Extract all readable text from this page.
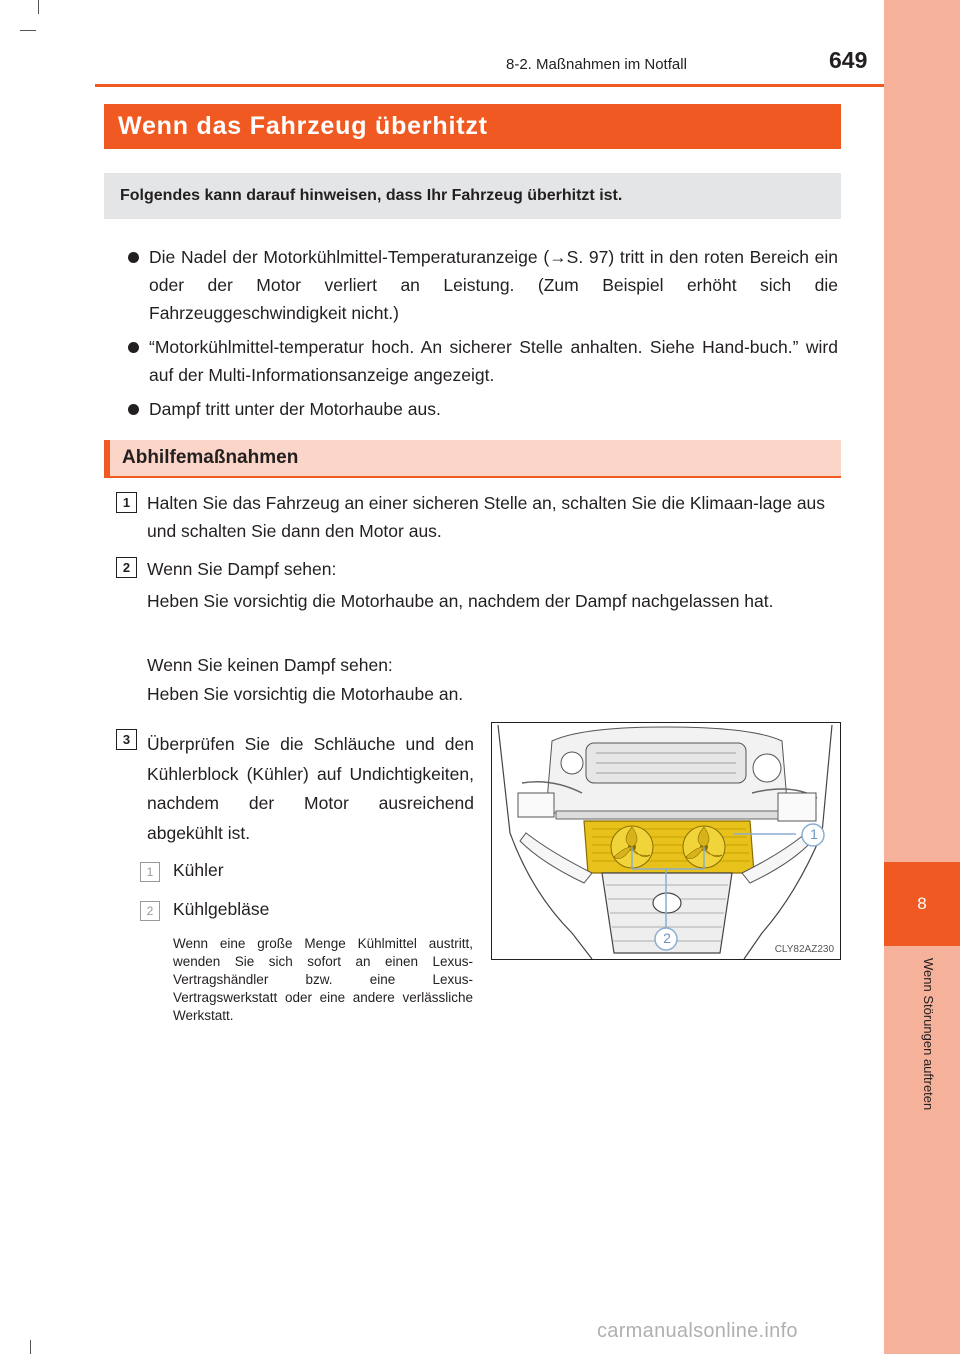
8
Wenn Störungen auftreten
8-2. Maßnahmen im Notfall	649
Wenn das Fahrzeug überhitzt
Folgendes kann darauf hinweisen, dass Ihr Fahrzeug überhitzt ist.
Die Nadel der Motorkühlmittel-Temperaturanzeige (→S. 97) tritt in den roten Bereich ein oder der Motor verliert an Leistung. (Zum Beispiel erhöht sich die Fahrzeuggeschwindigkeit nicht.)
“Motorkühlmittel-temperatur hoch. An sicherer Stelle anhalten. Siehe Hand-buch.” wird auf der Multi-Informationsanzeige angezeigt.
Dampf tritt unter der Motorhaube aus.
Abhilfemaßnahmen
1 Halten Sie das Fahrzeug an einer sicheren Stelle an, schalten Sie die Klimaan-lage aus und schalten Sie dann den Motor aus.
2 Wenn Sie Dampf sehen:
Heben Sie vorsichtig die Motorhaube an, nachdem der Dampf nachgelassen hat.
Wenn Sie keinen Dampf sehen:
Heben Sie vorsichtig die Motorhaube an.
3 Überprüfen Sie die Schläuche und den Kühlerblock (Kühler) auf Undichtigkeiten, nachdem der Motor ausreichend abgekühlt ist.
1	Kühler
2	Kühlgebläse
Wenn eine große Menge Kühlmittel austritt, wenden Sie sich sofort an einen Lexus-Vertragshändler bzw. eine Lexus-Vertragswerkstatt oder eine andere verlässliche Werkstatt.
1
2
CLY82AZ230
carmanualsonline.info
